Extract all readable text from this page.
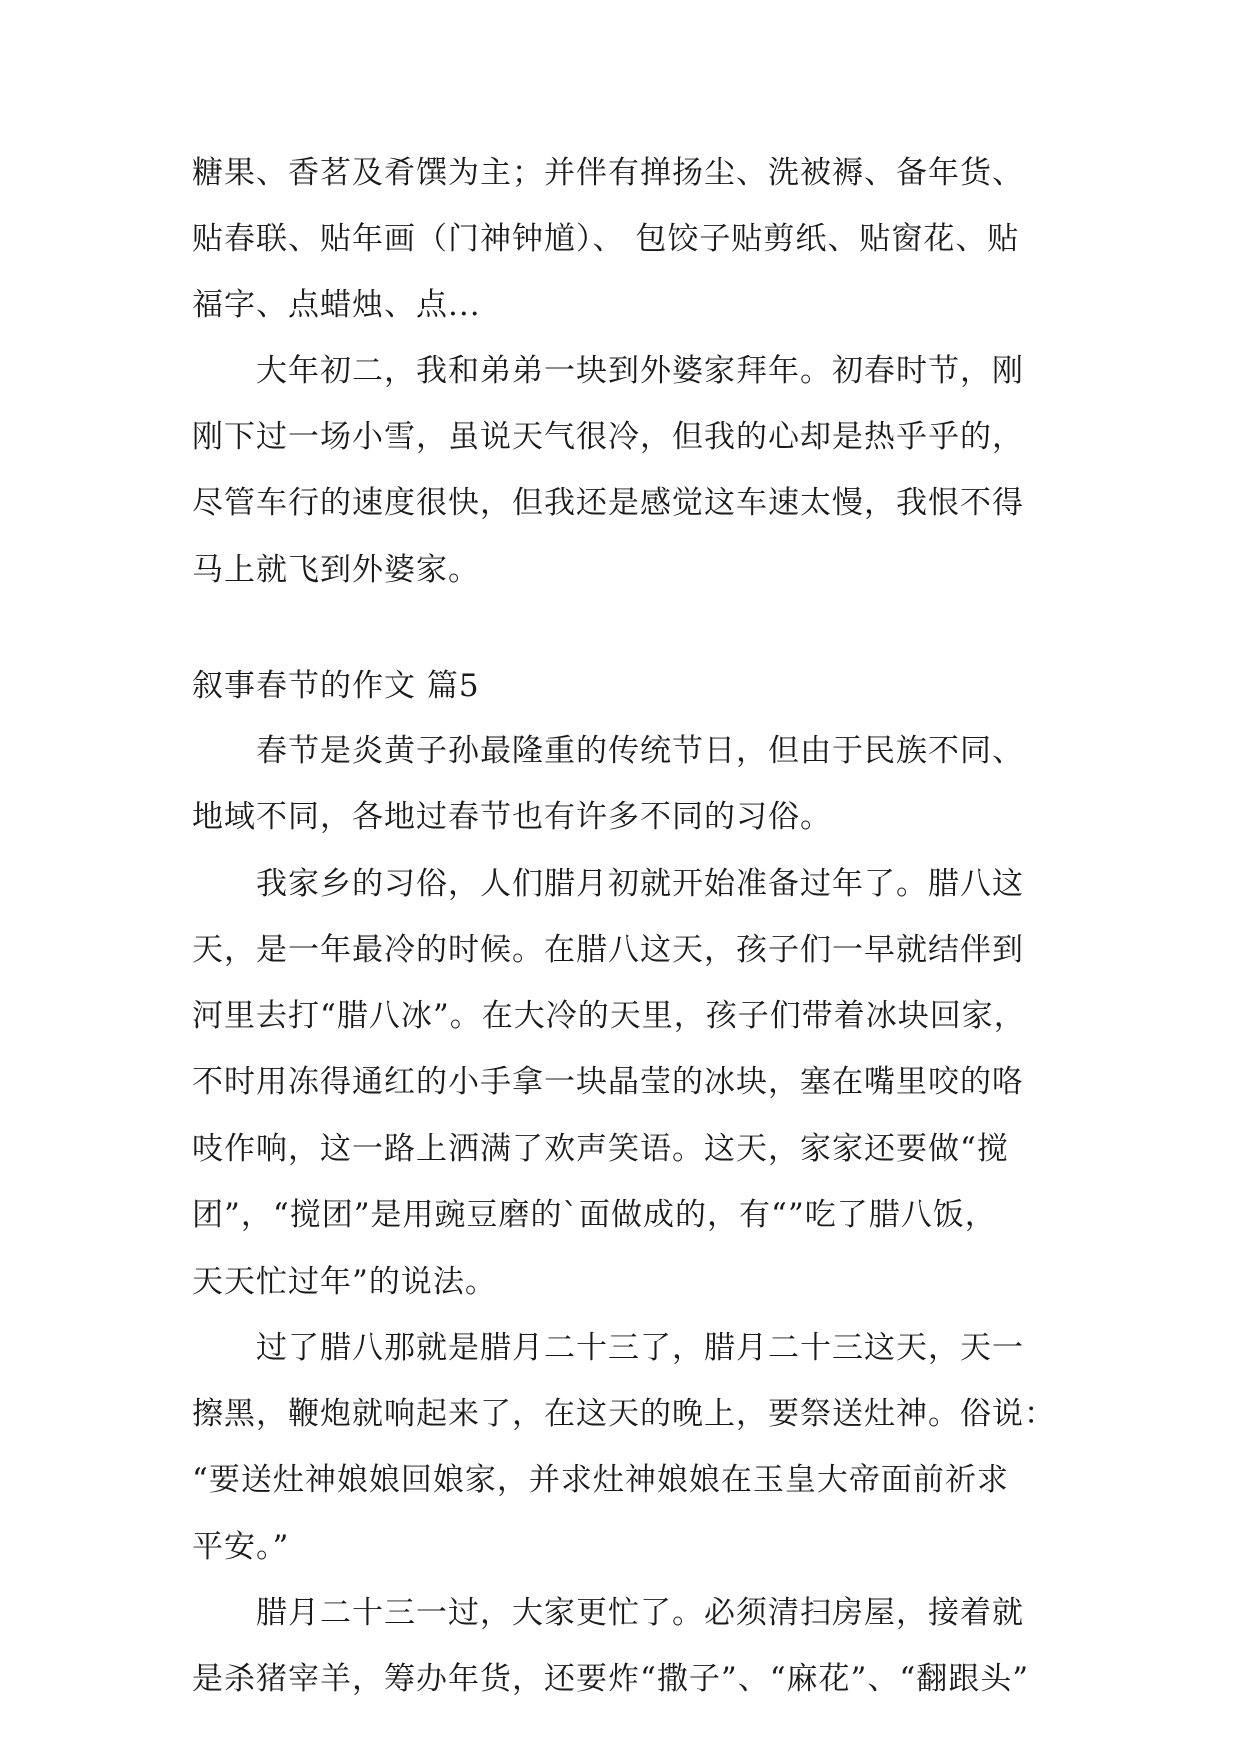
糖果、香茗及肴馔为主；并伴有掸扬尘、洗被褥、备年货、
贴春联、贴年画（门神钟馗）、 包饺子贴剪纸、贴窗花、贴
福字、点蜡烛、点...
　　大年初二，我和弟弟一块到外婆家拜年。初春时节，刚
刚下过一场小雪，虽说天气很冷，但我的心却是热乎乎的，
尽管车行的速度很快，但我还是感觉这车速太慢，我恨不得
马上就飞到外婆家。
叙事春节的作文 篇5
　　春节是炎黄子孙最隆重的传统节日，但由于民族不同、
地域不同，各地过春节也有许多不同的习俗。
　　我家乡的习俗，人们腊月初就开始准备过年了。腊八这
天，是一年最冷的时候。在腊八这天，孩子们一早就结伴到
河里去打“腊八冰”。在大冷的天里，孩子们带着冰块回家，
不时用冻得通红的小手拿一块晶莹的冰块，塞在嘴里咬的咯
吱作响，这一路上洒满了欢声笑语。这天，家家还要做“搅
团”，“搅团”是用豌豆磨的`面做成的，有“”吃了腊八饭，
天天忙过年”的说法。
　　过了腊八那就是腊月二十三了，腊月二十三这天，天一
擦黑，鞭炮就响起来了，在这天的晚上，要祭送灶神。俗说：
“要送灶神娘娘回娘家，并求灶神娘娘在玉皇大帝面前祈求
平安。”
　　腊月二十三一过，大家更忙了。必须清扫房屋，接着就
是杀猪宰羊，筹办年货，还要炸“撒子”、“麻花”、“翻跟头”
